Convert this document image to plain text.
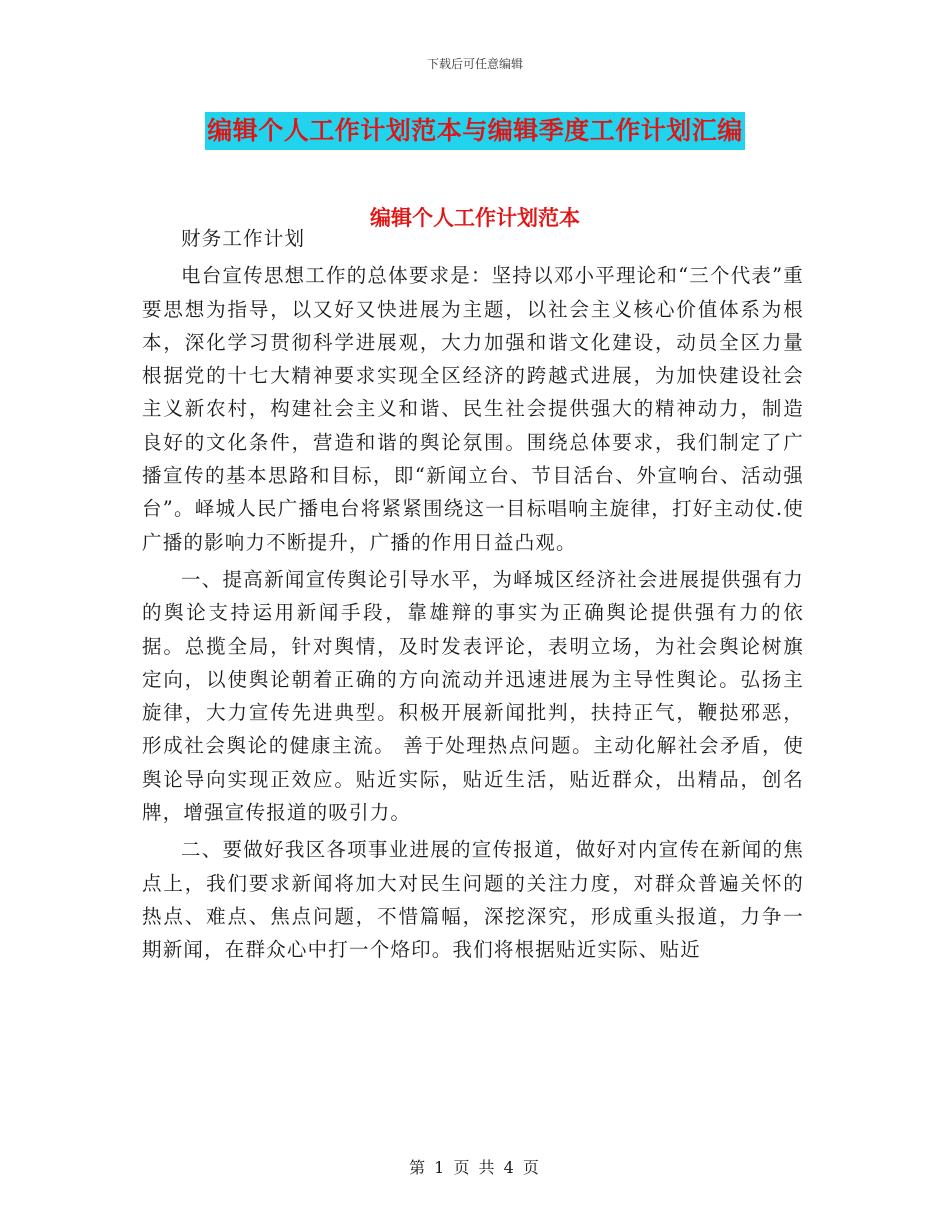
下载后可任意编辑
编辑个人工作计划范本与编辑季度工作计划汇编
编辑个人工作计划范本

财务工作计划

电台宣传思想工作的总体要求是：坚持以邓小平理论和“三个代表”重要思想为指导，以又好又快进展为主题，以社会主义核心价值体系为根本，深化学习贯彻科学进展观，大力加强和谐文化建设，动员全区力量根据党的十七大精神要求实现全区经济的跨越式进展，为加快建设社会主义新农村，构建社会主义和谐、民生社会提供强大的精神动力，制造良好的文化条件，营造和谐的舆论氛围。围绕总体要求，我们制定了广播宣传的基本思路和目标，即“新闻立台、节目活台、外宣响台、活动强台”。峄城人民广播电台将紧紧围绕这一目标唱响主旋律，打好主动仗.使广播的影响力不断提升，广播的作用日益凸观。

一、提高新闻宣传舆论引导水平，为峄城区经济社会进展提供强有力的舆论支持运用新闻手段，靠雄辩的事实为正确舆论提供强有力的依据。总揽全局，针对舆情，及时发表评论，表明立场，为社会舆论树旗定向，以使舆论朝着正确的方向流动并迅速进展为主导性舆论。弘扬主旋律，大力宣传先进典型。积极开展新闻批判，扶持正气，鞭挞邪恶，形成社会舆论的健康主流。 善于处理热点问题。主动化解社会矛盾，使舆论导向实现正效应。贴近实际，贴近生活，贴近群众，出精品，创名牌，增强宣传报道的吸引力。

二、要做好我区各项事业进展的宣传报道，做好对内宣传在新闻的焦点上，我们要求新闻将加大对民生问题的关注力度，对群众普遍关怀的热点、难点、焦点问题，不惜篇幅，深挖深究，形成重头报道，力争一期新闻，在群众心中打一个烙印。我们将根据贴近实际、贴近

第 1 页 共 4 页
